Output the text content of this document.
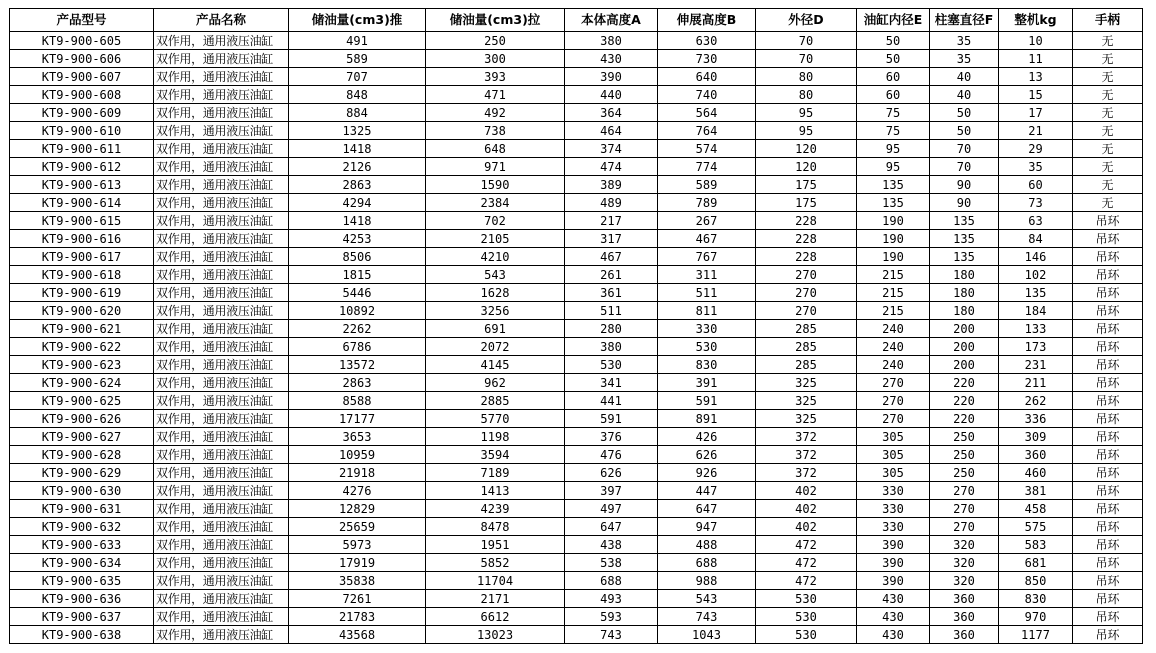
产品型号	产品名称	储油量(cm3)推	储油量(cm3)拉	本体高度A	伸展高度B	外径D	油缸内径E	柱塞直径F	整机kg	手柄
KT9-900-605	双作用，通用液压油缸	491	250	380	630	70	50	35	10	无
KT9-900-606	双作用，通用液压油缸	589	300	430	730	70	50	35	11	无
KT9-900-607	双作用，通用液压油缸	707	393	390	640	80	60	40	13	无
KT9-900-608	双作用，通用液压油缸	848	471	440	740	80	60	40	15	无
KT9-900-609	双作用，通用液压油缸	884	492	364	564	95	75	50	17	无
KT9-900-610	双作用，通用液压油缸	1325	738	464	764	95	75	50	21	无
KT9-900-611	双作用，通用液压油缸	1418	648	374	574	120	95	70	29	无
KT9-900-612	双作用，通用液压油缸	2126	971	474	774	120	95	70	35	无
KT9-900-613	双作用，通用液压油缸	2863	1590	389	589	175	135	90	60	无
KT9-900-614	双作用，通用液压油缸	4294	2384	489	789	175	135	90	73	无
KT9-900-615	双作用，通用液压油缸	1418	702	217	267	228	190	135	63	吊环
KT9-900-616	双作用，通用液压油缸	4253	2105	317	467	228	190	135	84	吊环
KT9-900-617	双作用，通用液压油缸	8506	4210	467	767	228	190	135	146	吊环
KT9-900-618	双作用，通用液压油缸	1815	543	261	311	270	215	180	102	吊环
KT9-900-619	双作用，通用液压油缸	5446	1628	361	511	270	215	180	135	吊环
KT9-900-620	双作用，通用液压油缸	10892	3256	511	811	270	215	180	184	吊环
KT9-900-621	双作用，通用液压油缸	2262	691	280	330	285	240	200	133	吊环
KT9-900-622	双作用，通用液压油缸	6786	2072	380	530	285	240	200	173	吊环
KT9-900-623	双作用，通用液压油缸	13572	4145	530	830	285	240	200	231	吊环
KT9-900-624	双作用，通用液压油缸	2863	962	341	391	325	270	220	211	吊环
KT9-900-625	双作用，通用液压油缸	8588	2885	441	591	325	270	220	262	吊环
KT9-900-626	双作用，通用液压油缸	17177	5770	591	891	325	270	220	336	吊环
KT9-900-627	双作用，通用液压油缸	3653	1198	376	426	372	305	250	309	吊环
KT9-900-628	双作用，通用液压油缸	10959	3594	476	626	372	305	250	360	吊环
KT9-900-629	双作用，通用液压油缸	21918	7189	626	926	372	305	250	460	吊环
KT9-900-630	双作用，通用液压油缸	4276	1413	397	447	402	330	270	381	吊环
KT9-900-631	双作用，通用液压油缸	12829	4239	497	647	402	330	270	458	吊环
KT9-900-632	双作用，通用液压油缸	25659	8478	647	947	402	330	270	575	吊环
KT9-900-633	双作用，通用液压油缸	5973	1951	438	488	472	390	320	583	吊环
KT9-900-634	双作用，通用液压油缸	17919	5852	538	688	472	390	320	681	吊环
KT9-900-635	双作用，通用液压油缸	35838	11704	688	988	472	390	320	850	吊环
KT9-900-636	双作用，通用液压油缸	7261	2171	493	543	530	430	360	830	吊环
KT9-900-637	双作用，通用液压油缸	21783	6612	593	743	530	430	360	970	吊环
KT9-900-638	双作用，通用液压油缸	43568	13023	743	1043	530	430	360	1177	吊环
